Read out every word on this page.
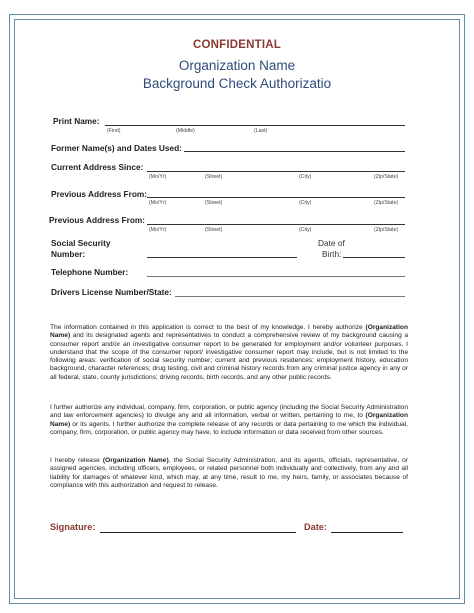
CONFIDENTIAL
Organization Name
Background Check Authorizatio
Print Name:
(First)	(Middle)	(Last)
Former Name(s) and Dates Used:
Current Address Since:
(Mo/Yr)	(Street)	(City)	(Zip/State)
Previous Address From:
(Mo/Yr)	(Street)	(City)	(Zip/State)
Previous Address From:
(Mo/Yr)	(Street)	(City)	(Zip/State)
Social Security
Number:
Date of
Birth:
Telephone Number:
Drivers License Number/State:
The information contained in this application is correct to the best of my knowledge. I hereby authorize (Organization Name) and its designated agents and representatives to conduct a comprehensive review of my background causing a consumer report and/or an investigative consumer report to be generated for employment and/or volunteer purposes. I understand that the scope of the consumer report/ investigative consumer report may include, but is not limited to the following areas: verification of social security number; current and previous residences; employment history, education background, character references; drug testing, civil and criminal history records from any criminal justice agency in any or all federal, state, county jurisdictions; driving records, birth records, and any other public records.
I further authorize any individual, company, firm, corporation, or public agency (including the Social Security Administration and law enforcement agencies) to divulge any and all information, verbal or written, pertaining to me, to (Organization Name) or its agents. I further authorize the complete release of any records or data pertaining to me which the individual, company, firm, corporation, or public agency may have, to include information or data received from other sources.
I hereby release (Organization Name), the Social Security Administration, and its agents, officials, representative, or assigned agencies, including officers, employees, or related personnel both individually and collectively, from any and all liability for damages of whatever kind, which may, at any time, result to me, my heirs, family, or associates because of compliance with this authorization and request to release.
Signature:	Date:
